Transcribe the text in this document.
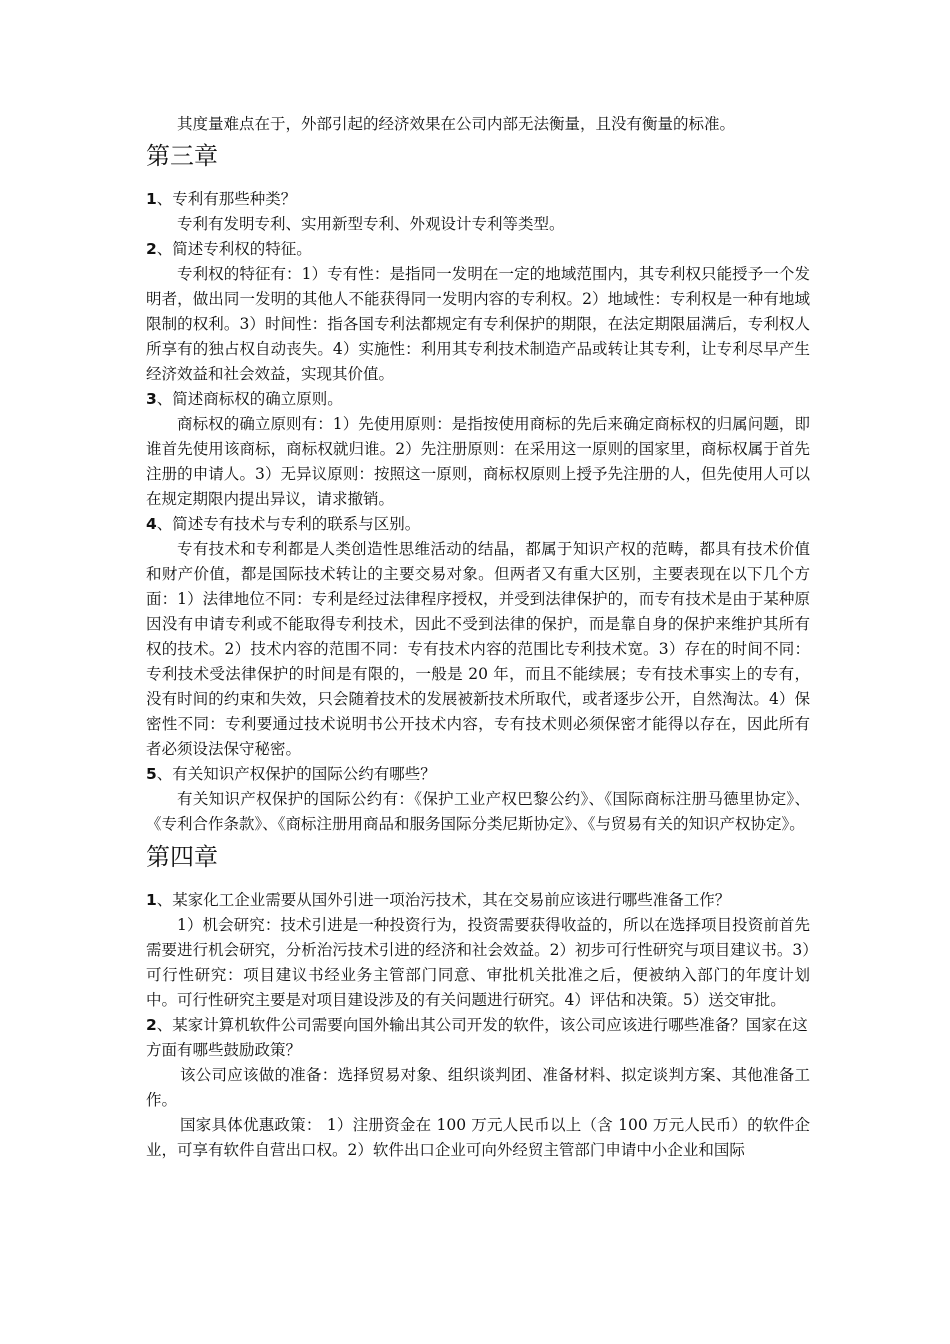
其度量难点在于，外部引起的经济效果在公司内部无法衡量，且没有衡量的标准。

第三章
1、专利有那些种类？

专利有发明专利、实用新型专利、外观设计专利等类型。

2、简述专利权的特征。

专利权的特征有：1）专有性：是指同一发明在一定的地域范围内，其专利权只能授予一个发明者，做出同一发明的其他人不能获得同一发明内容的专利权。2）地域性：专利权是一种有地域限制的权利。3）时间性：指各国专利法都规定有专利保护的期限，在法定期限届满后，专利权人所享有的独占权自动丧失。4）实施性：利用其专利技术制造产品或转让其专利，让专利尽早产生经济效益和社会效益，实现其价值。

3、简述商标权的确立原则。

商标权的确立原则有：1）先使用原则：是指按使用商标的先后来确定商标权的归属问题，即谁首先使用该商标，商标权就归谁。2）先注册原则：在采用这一原则的国家里，商标权属于首先注册的申请人。3）无异议原则：按照这一原则，商标权原则上授予先注册的人，但先使用人可以在规定期限内提出异议，请求撤销。

4、简述专有技术与专利的联系与区别。

专有技术和专利都是人类创造性思维活动的结晶，都属于知识产权的范畴，都具有技术价值和财产价值，都是国际技术转让的主要交易对象。但两者又有重大区别，主要表现在以下几个方面：1）法律地位不同：专利是经过法律程序授权，并受到法律保护的，而专有技术是由于某种原因没有申请专利或不能取得专利技术，因此不受到法律的保护，而是靠自身的保护来维护其所有权的技术。2）技术内容的范围不同：专有技术内容的范围比专利技术宽。3）存在的时间不同：专利技术受法律保护的时间是有限的，一般是 20 年，而且不能续展；专有技术事实上的专有，没有时间的约束和失效，只会随着技术的发展被新技术所取代，或者逐步公开，自然淘汰。4）保密性不同：专利要通过技术说明书公开技术内容，专有技术则必须保密才能得以存在，因此所有者必须设法保守秘密。

5、有关知识产权保护的国际公约有哪些？

有关知识产权保护的国际公约有：《保护工业产权巴黎公约》、《国际商标注册马德里协定》、《专利合作条款》、《商标注册用商品和服务国际分类尼斯协定》、《与贸易有关的知识产权协定》。

第四章
1、某家化工企业需要从国外引进一项治污技术，其在交易前应该进行哪些准备工作？

1）机会研究：技术引进是一种投资行为，投资需要获得收益的，所以在选择项目投资前首先需要进行机会研究，分析治污技术引进的经济和社会效益。2）初步可行性研究与项目建议书。3）可行性研究：项目建议书经业务主管部门同意、审批机关批准之后，便被纳入部门的年度计划中。可行性研究主要是对项目建设涉及的有关问题进行研究。4）评估和决策。5）送交审批。

2、某家计算机软件公司需要向国外输出其公司开发的软件，该公司应该进行哪些准备？国家在这方面有哪些鼓励政策？

该公司应该做的准备：选择贸易对象、组织谈判团、准备材料、拟定谈判方案、其他准备工作。

国家具体优惠政策： 1）注册资金在 100 万元人民币以上（含 100 万元人民币）的软件企业，可享有软件自营出口权。2）软件出口企业可向外经贸主管部门申请中小企业和国际
